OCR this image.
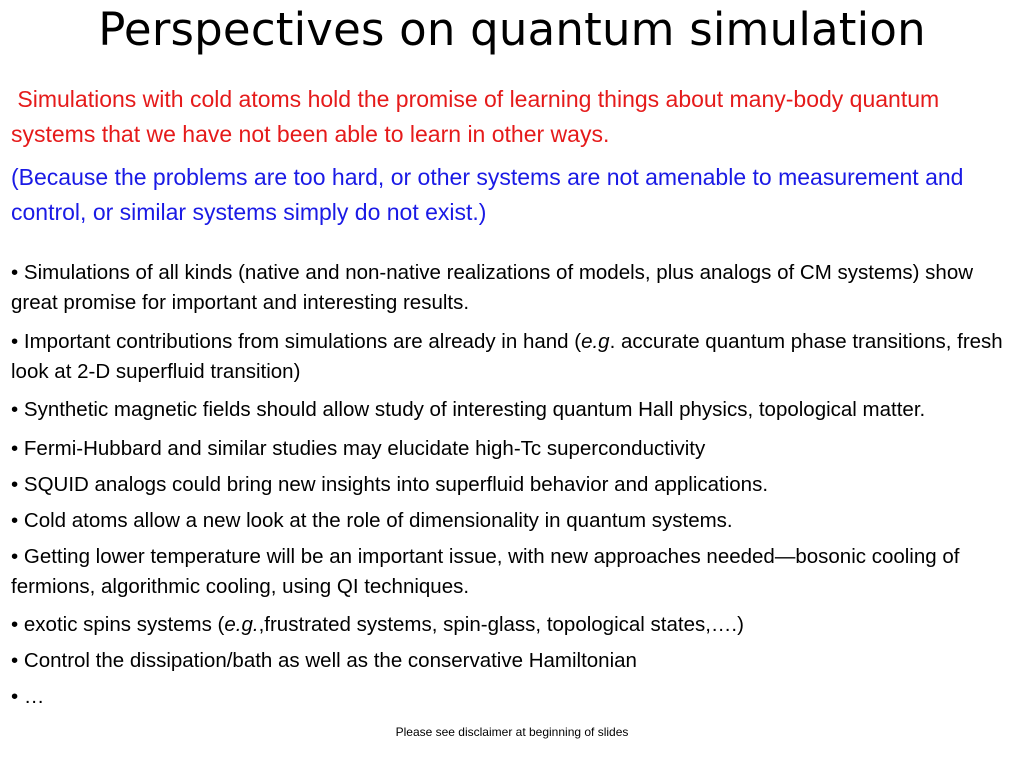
Perspectives on quantum simulation
Simulations with cold atoms hold the promise of learning things about many-body quantum systems that we have not been able to learn in other ways.
(Because the problems are too hard, or other systems are not amenable to measurement and control, or similar systems simply do not exist.)
• Simulations of all kinds (native and non-native realizations of models, plus analogs of CM systems) show great promise for important and interesting results.
• Important contributions from simulations are already in hand (e.g. accurate quantum phase transitions, fresh look at 2-D superfluid transition)
• Synthetic magnetic fields should allow study of interesting quantum Hall physics, topological matter.
• Fermi-Hubbard and similar studies may elucidate high-Tc superconductivity
• SQUID analogs could bring new insights into superfluid behavior and applications.
• Cold atoms allow a new look at the role of dimensionality in quantum systems.
• Getting lower temperature will be an important issue, with new approaches needed—bosonic cooling of fermions, algorithmic cooling, using QI techniques.
• exotic spins systems (e.g.,frustrated systems, spin-glass, topological states,….)
• Control the dissipation/bath as well as the conservative Hamiltonian
• …
Please see disclaimer at beginning of slides
